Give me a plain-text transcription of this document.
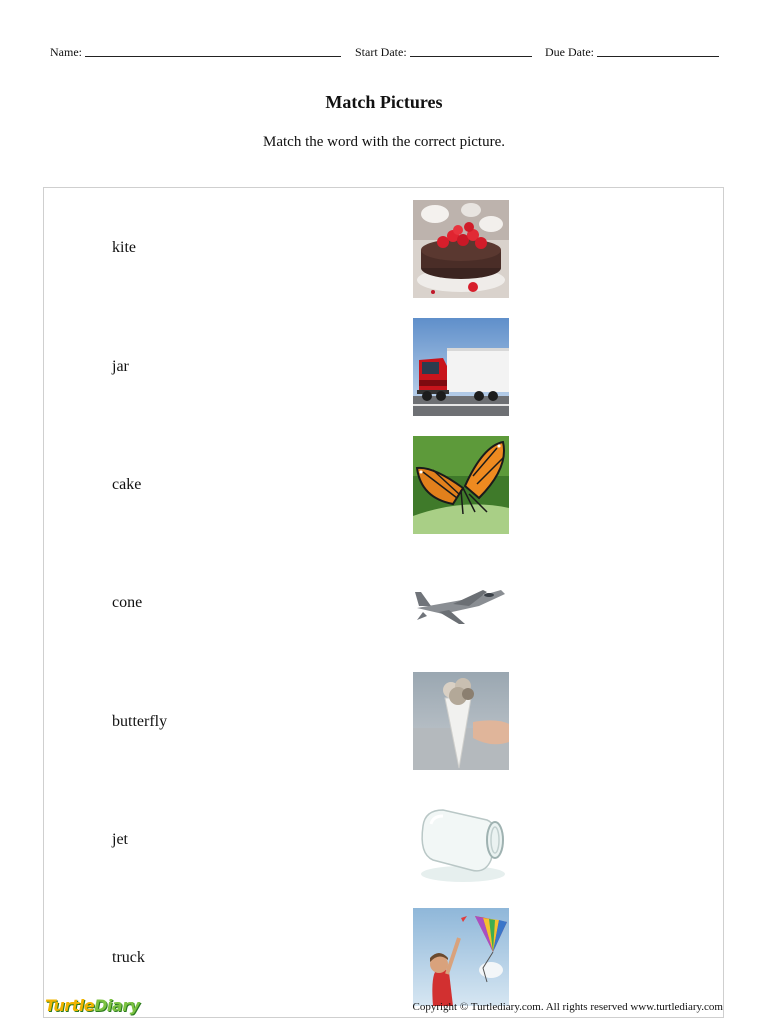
Name:	Start Date:	Due Date:
Match Pictures
Match the word with the correct picture.
kite
jar
cake
cone
butterfly
jet
truck
TurtleDiary	Copyright © Turtlediary.com. All rights reserved www.turtlediary.com
